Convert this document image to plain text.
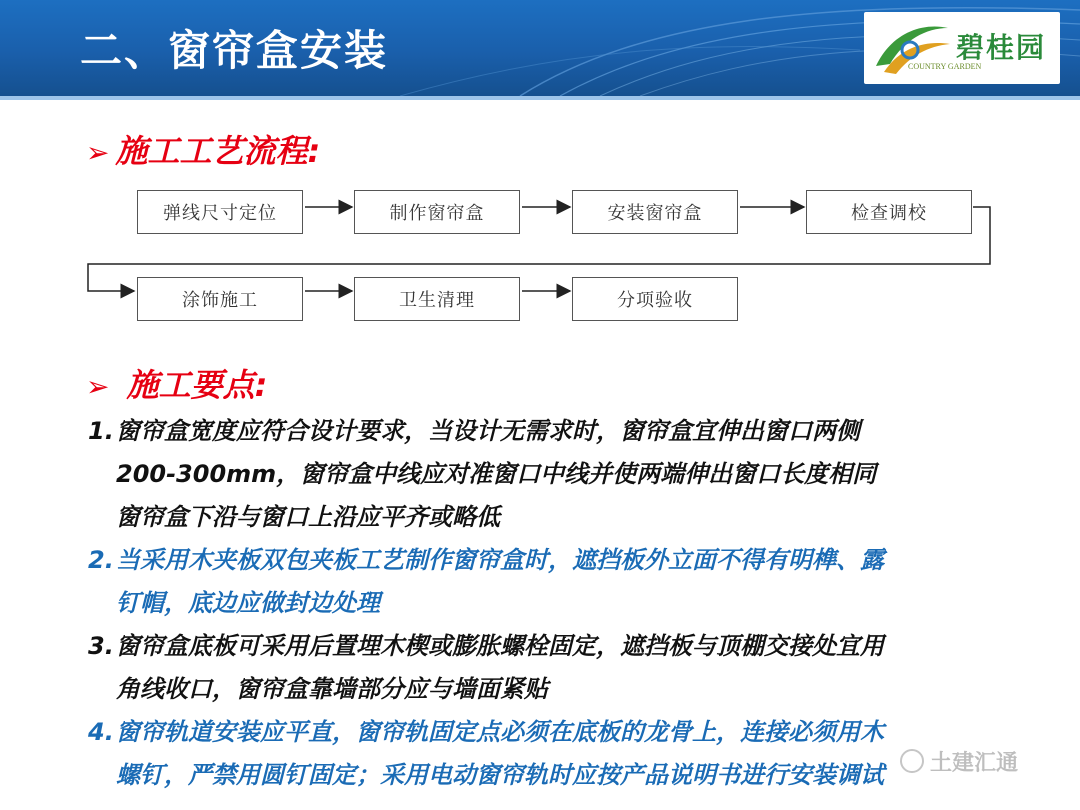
二、窗帘盒安装	碧桂园
COUNTRY GARDEN
➢ 施工工艺流程:
弹线尺寸定位	制作窗帘盒	安装窗帘盒	检查调校
涂饰施工	卫生清理	分项验收
➢ 施工要点:
1.窗帘盒宽度应符合设计要求，当设计无需求时，窗帘盒宜伸出窗口两侧
200-300mm，窗帘盒中线应对准窗口中线并使两端伸出窗口长度相同
窗帘盒下沿与窗口上沿应平齐或略低
2.当采用木夹板双包夹板工艺制作窗帘盒时，遮挡板外立面不得有明榫、露
钉帽，底边应做封边处理
3.窗帘盒底板可采用后置埋木楔或膨胀螺栓固定，遮挡板与顶棚交接处宜用
角线收口，窗帘盒靠墙部分应与墙面紧贴
4.窗帘轨道安装应平直，窗帘轨固定点必须在底板的龙骨上，连接必须用木
螺钉，严禁用圆钉固定；采用电动窗帘轨时应按产品说明书进行安装调试	土建汇通
